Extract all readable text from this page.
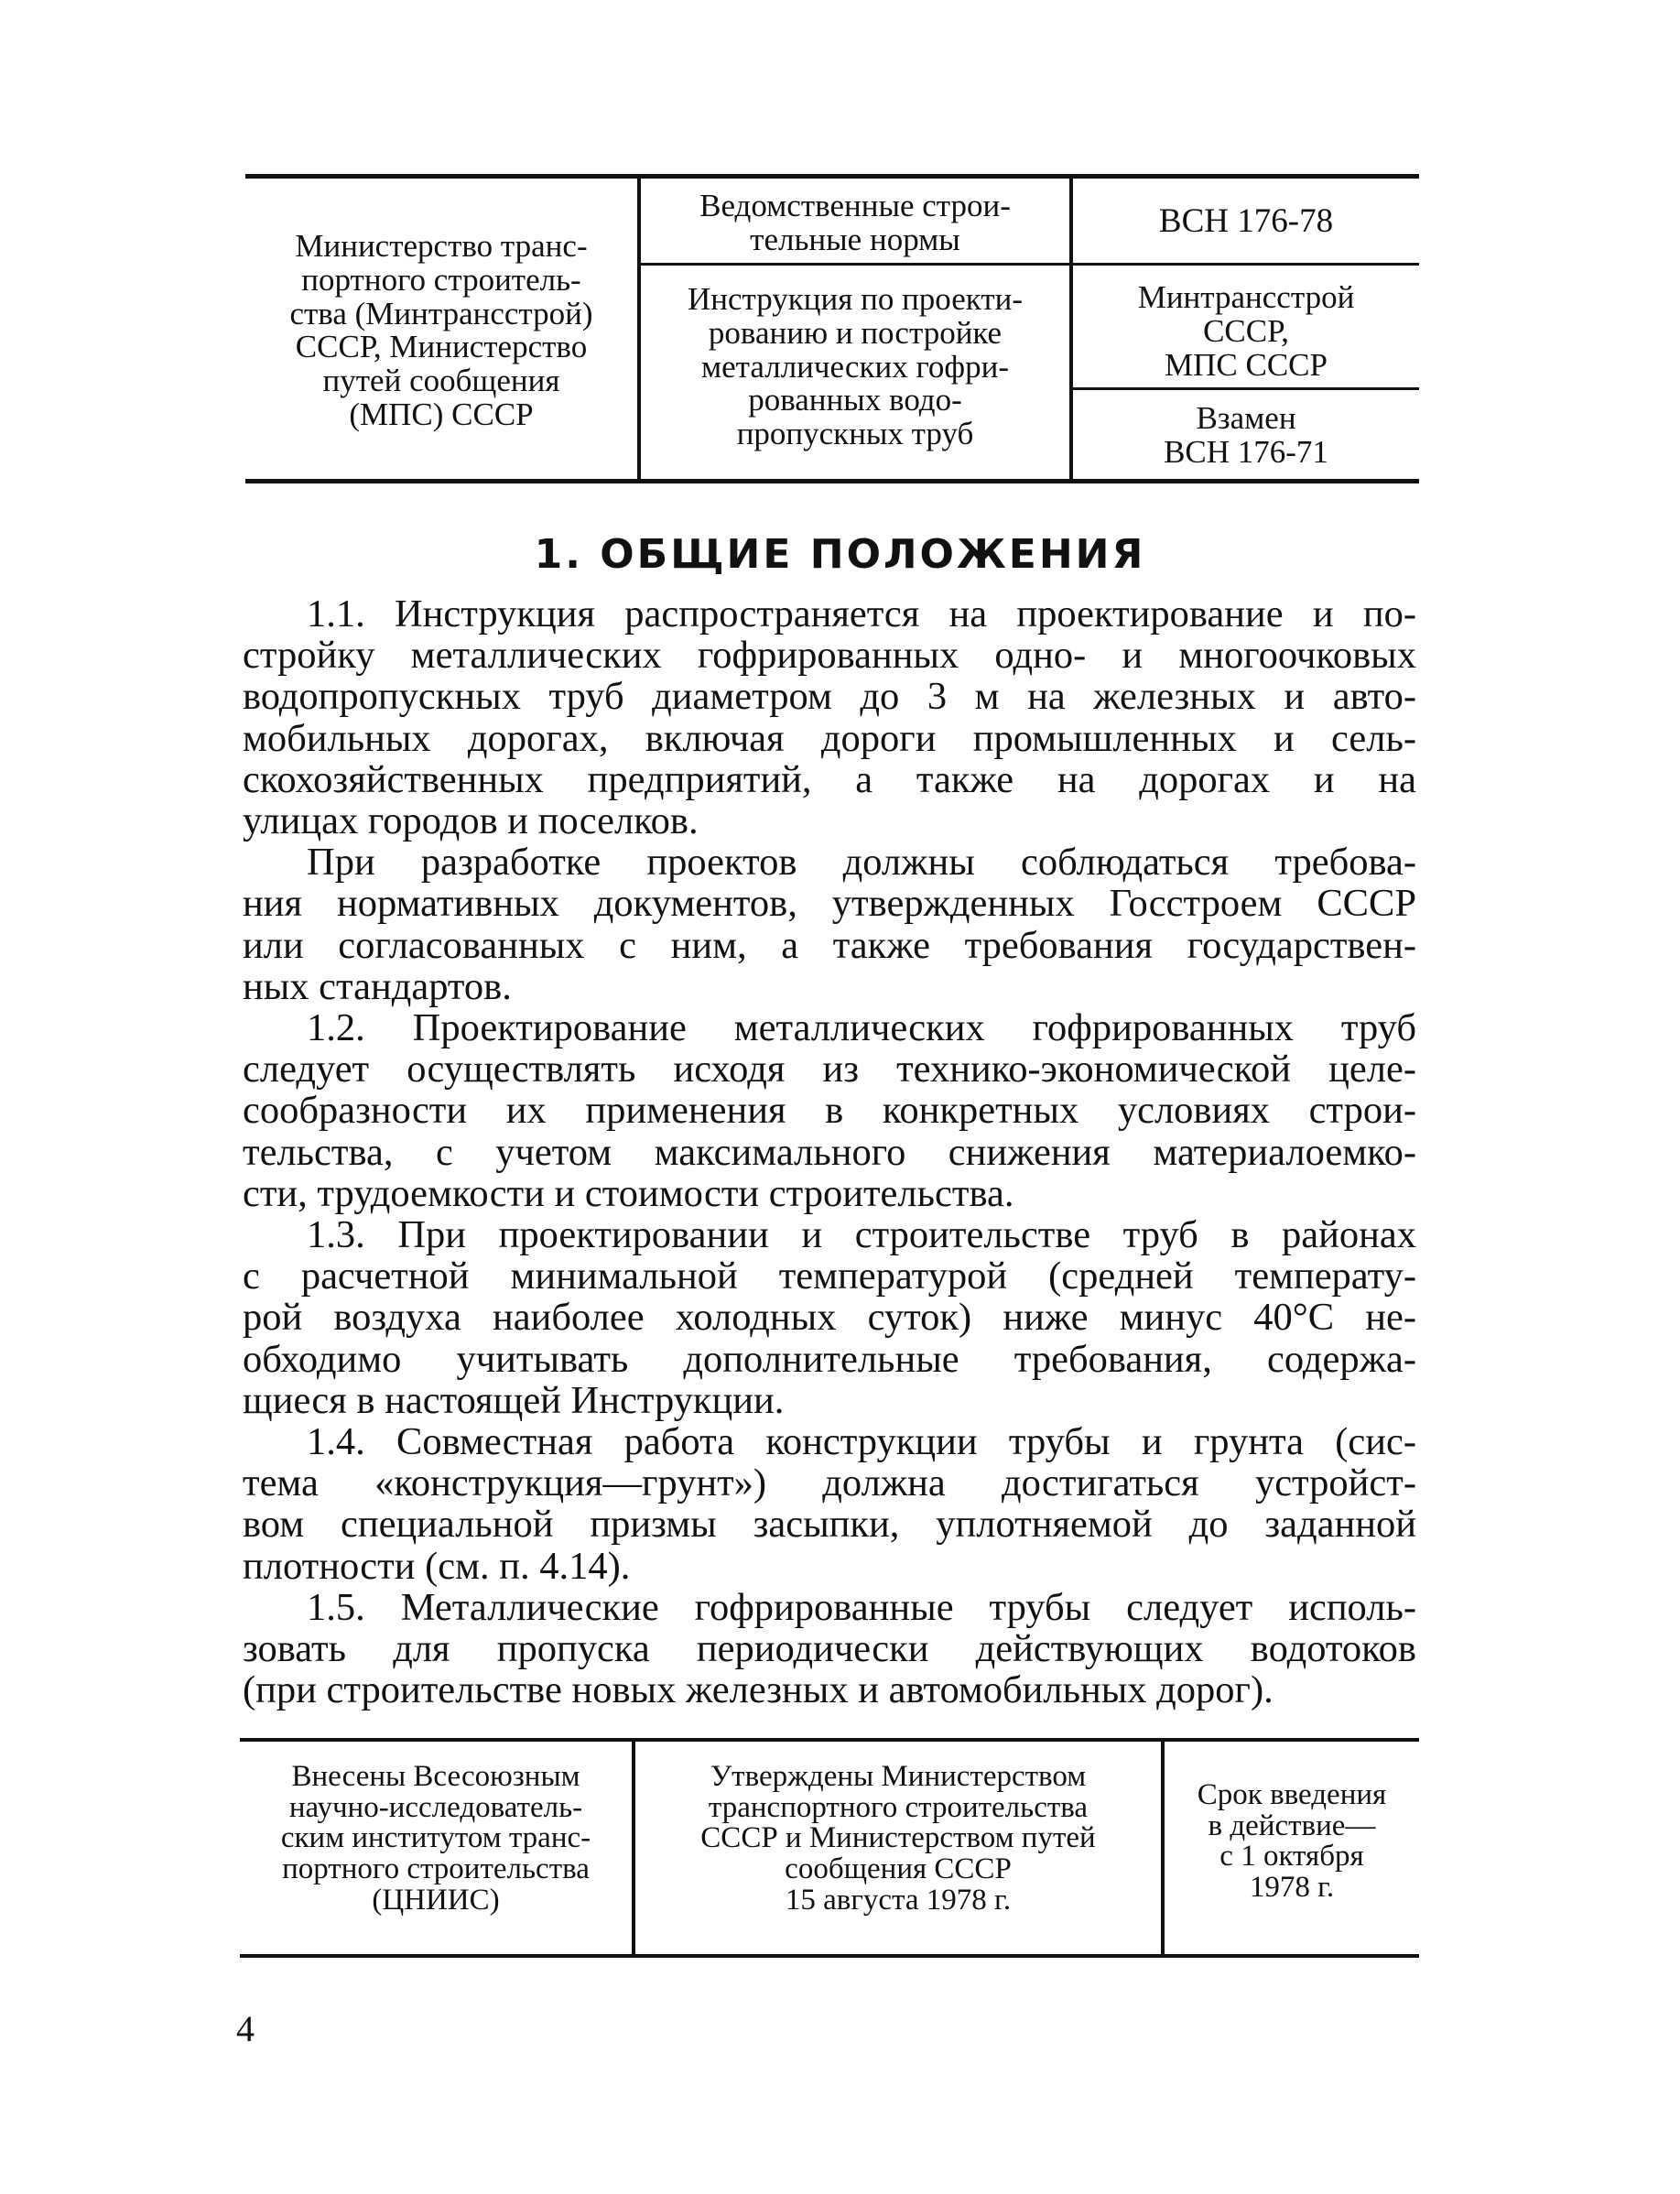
Министерство транс-
портного строитель-
ства (Минтрансстрой)
СССР, Министерство
путей сообщения
(МПС) СССР
Ведомственные строи-
тельные нормы
Инструкция по проекти-
рованию и постройке
металлических гофри-
рованных водо-
пропускных труб
ВСН 176-78
Минтрансстрой
СССР,
МПС СССР
Взамен
ВСН 176-71
1. ОБЩИЕ ПОЛОЖЕНИЯ
1.1. Инструкция распространяется на проектирование и по-
стройку металлических гофрированных одно- и многоочковых
водопропускных труб диаметром до 3 м на железных и авто-
мобильных дорогах, включая дороги промышленных и сель-
скохозяйственных предприятий, а также на дорогах и на
улицах городов и поселков.
При разработке проектов должны соблюдаться требова-
ния нормативных документов, утвержденных Госстроем СССР
или согласованных с ним, а также требования государствен-
ных стандартов.
1.2. Проектирование металлических гофрированных труб
следует осуществлять исходя из технико-экономической целе-
сообразности их применения в конкретных условиях строи-
тельства, с учетом максимального снижения материалоемко-
сти, трудоемкости и стоимости строительства.
1.3. При проектировании и строительстве труб в районах
с расчетной минимальной температурой (средней температу-
рой воздуха наиболее холодных суток) ниже минус 40°С не-
обходимо учитывать дополнительные требования, содержа-
щиеся в настоящей Инструкции.
1.4. Совместная работа конструкции трубы и грунта (сис-
тема «конструкция—грунт») должна достигаться устройст-
вом специальной призмы засыпки, уплотняемой до заданной
плотности (см. п. 4.14).
1.5. Металлические гофрированные трубы следует исполь-
зовать для пропуска периодически действующих водотоков
(при строительстве новых железных и автомобильных дорог).
Внесены Всесоюзным
научно-исследователь-
ским институтом транс-
портного строительства
(ЦНИИС)
Утверждены Министерством
транспортного строительства
СССР и Министерством путей
сообщения СССР
15 августа 1978 г.
Срок введения
в действие—
с 1 октября
1978 г.
4
